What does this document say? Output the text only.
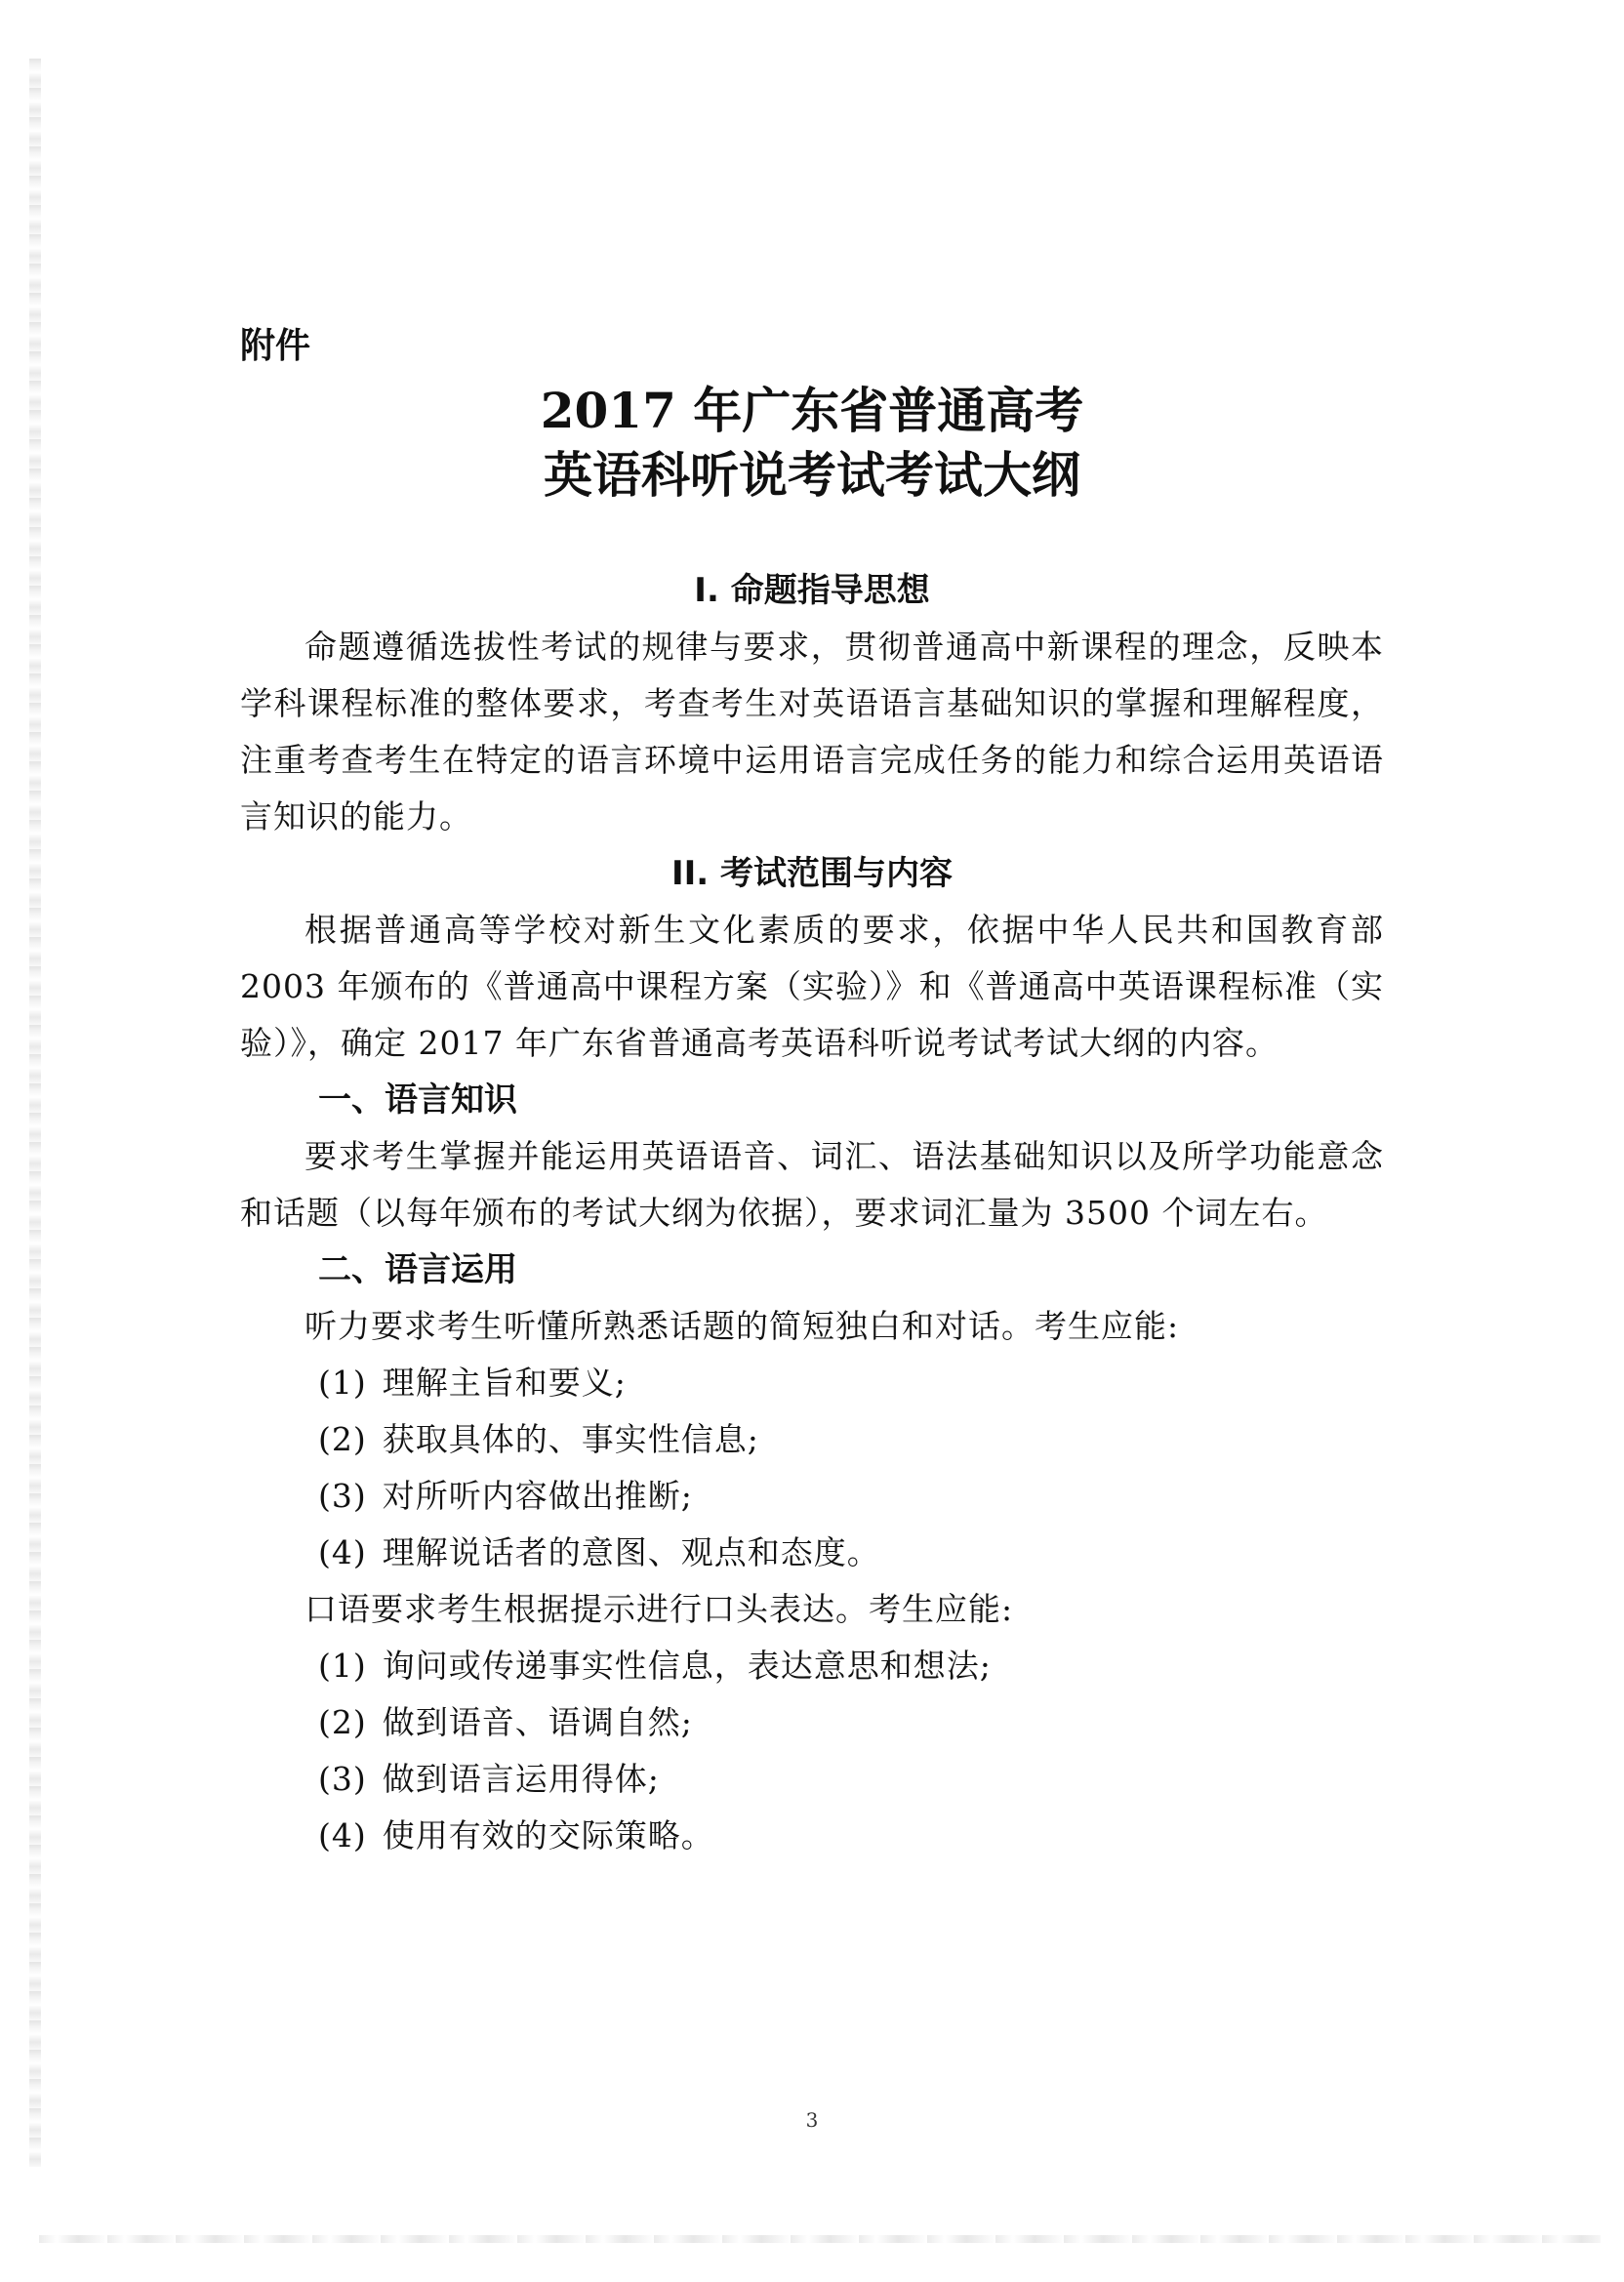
附件

2017 年广东省普通高考

英语科听说考试考试大纲

I. 命题指导思想

命题遵循选拔性考试的规律与要求，贯彻普通高中新课程的理念，反映本学科课程标准的整体要求，考查考生对英语语言基础知识的掌握和理解程度，注重考查考生在特定的语言环境中运用语言完成任务的能力和综合运用英语语言知识的能力。

II. 考试范围与内容

根据普通高等学校对新生文化素质的要求，依据中华人民共和国教育部 2003 年颁布的《普通高中课程方案（实验）》和《普通高中英语课程标准（实验）》，确定 2017 年广东省普通高考英语科听说考试考试大纲的内容。

一、语言知识

要求考生掌握并能运用英语语音、词汇、语法基础知识以及所学功能意念和话题（以每年颁布的考试大纲为依据），要求词汇量为 3500 个词左右。

二、语言运用

听力要求考生听懂所熟悉话题的简短独白和对话。考生应能:

(1) 理解主旨和要义;
(2) 获取具体的、事实性信息;
(3) 对所听内容做出推断;
(4) 理解说话者的意图、观点和态度。

口语要求考生根据提示进行口头表达。考生应能:

(1) 询问或传递事实性信息，表达意思和想法;
(2) 做到语音、语调自然;
(3) 做到语言运用得体;
(4) 使用有效的交际策略。
3
